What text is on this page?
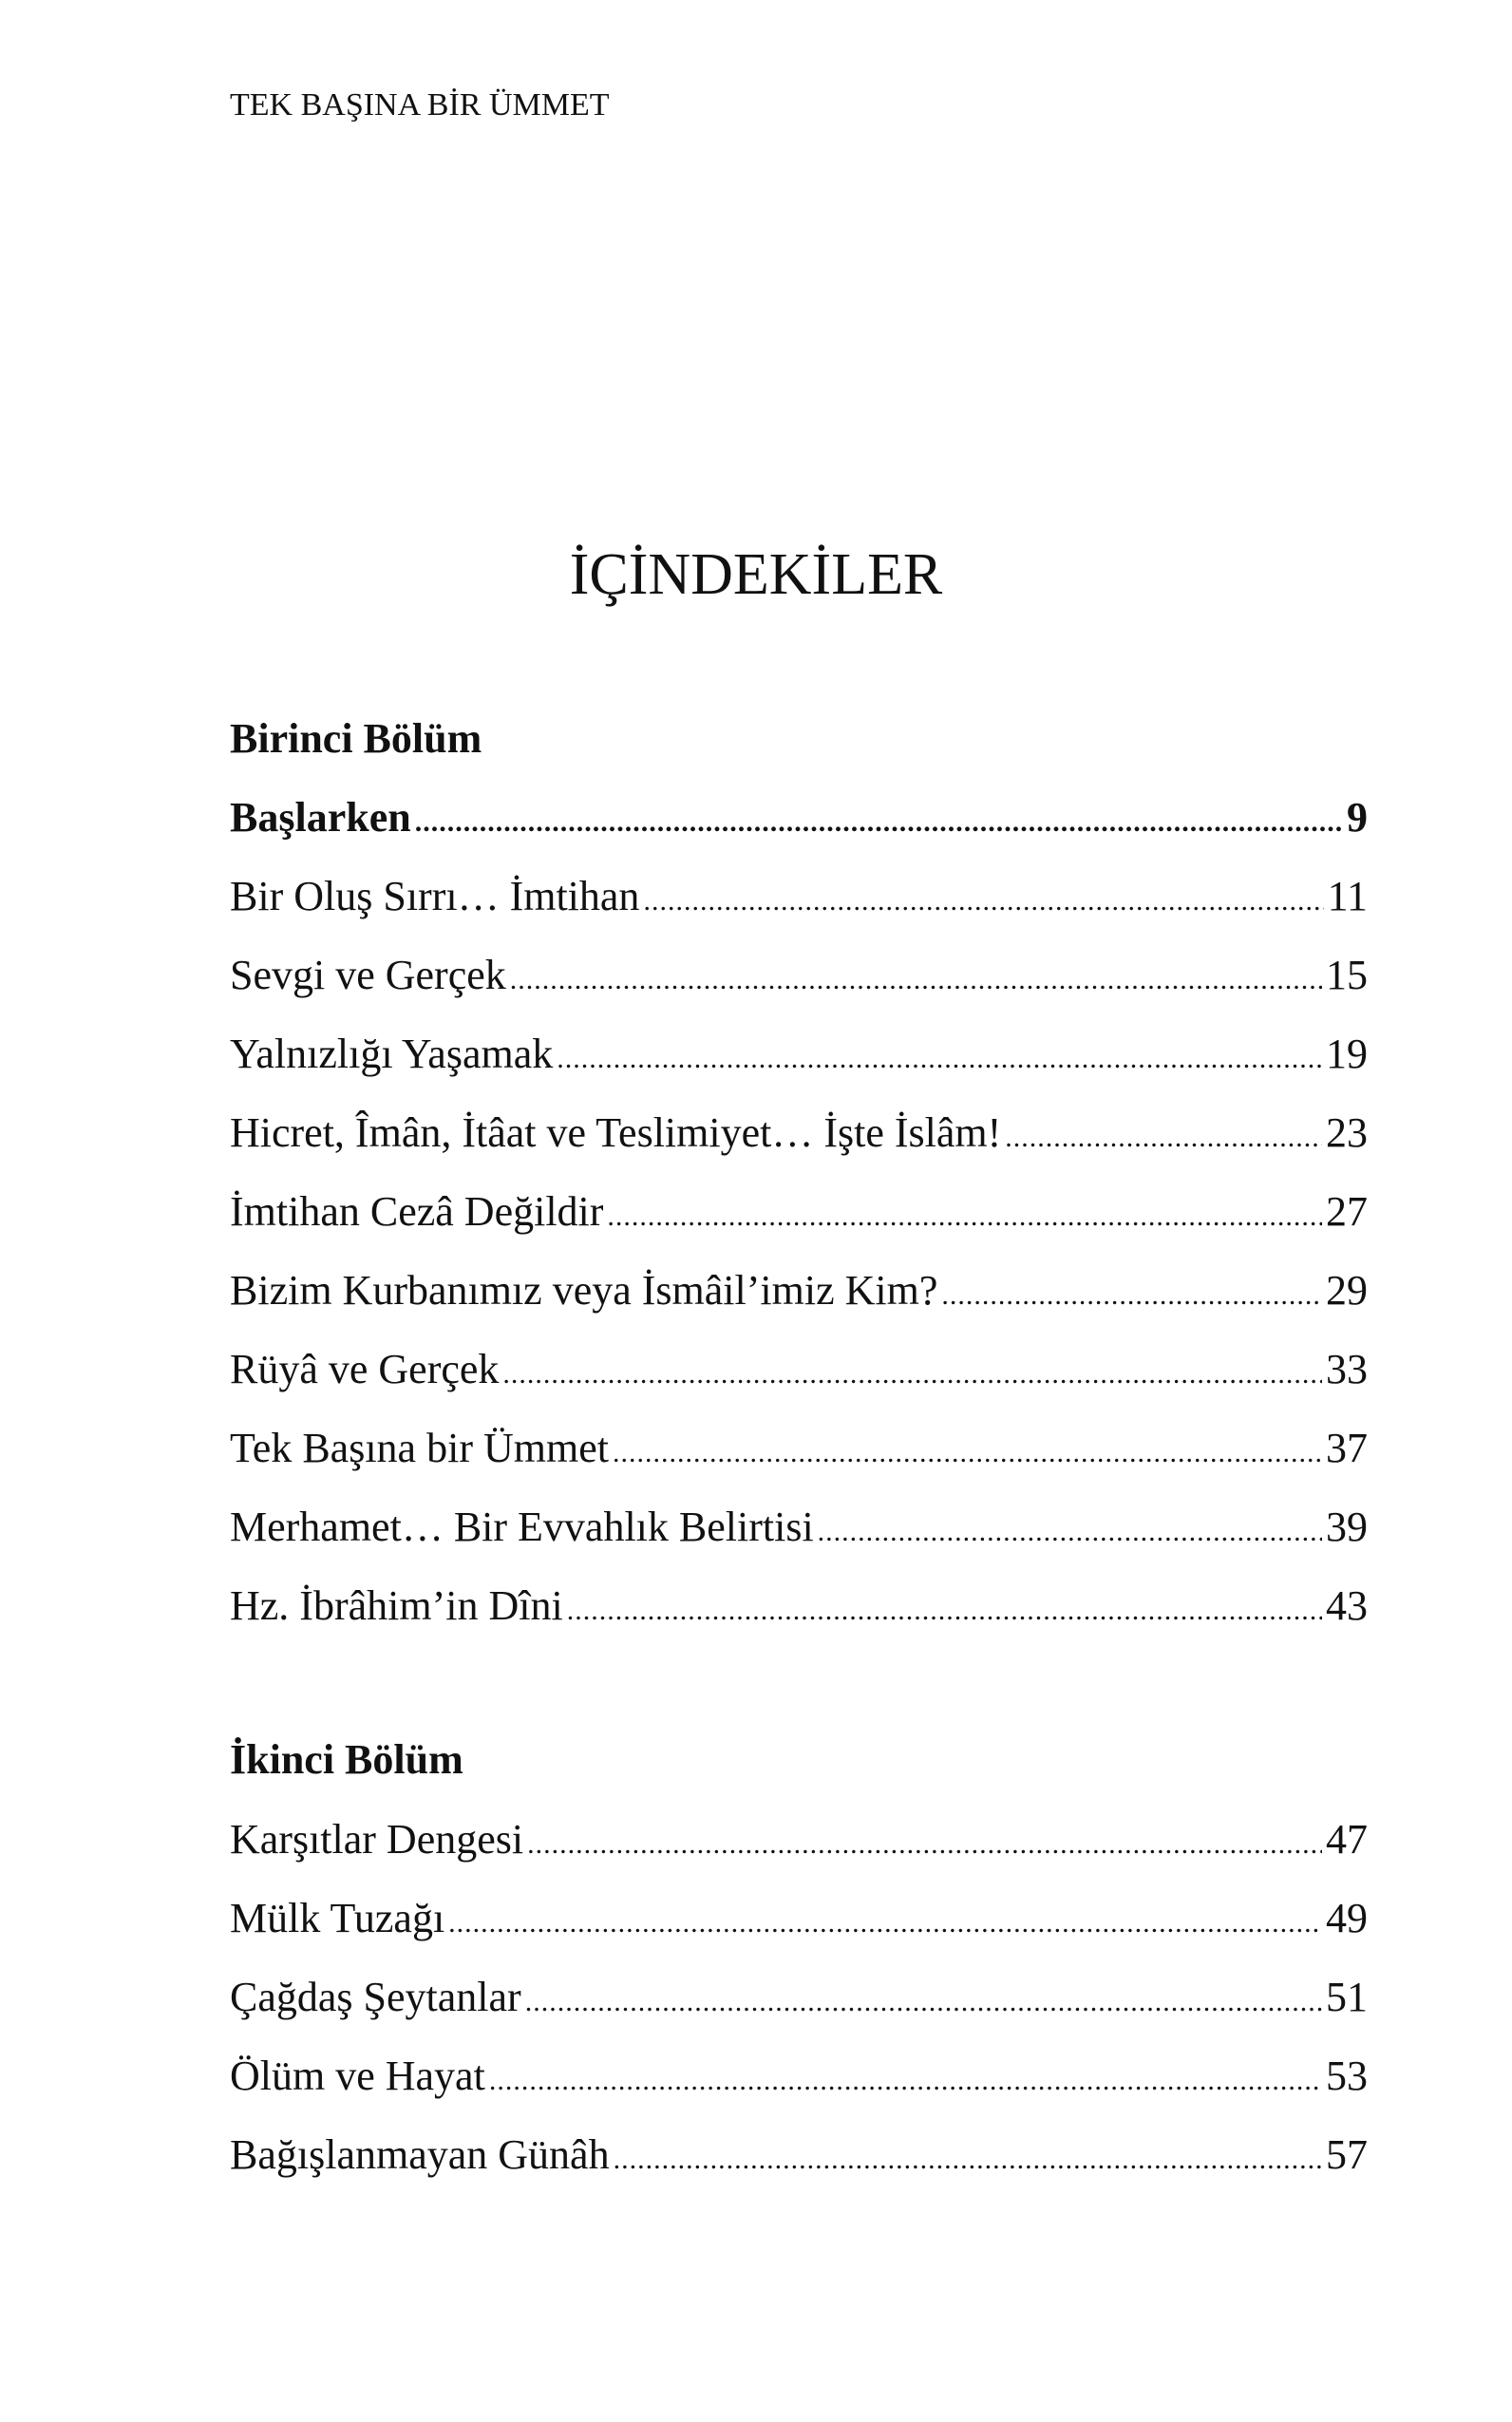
TEK BAŞINA BİR ÜMMET
İÇİNDEKİLER
Birinci Bölüm
Başlarken .....	9
Bir Oluş Sırrı… İmtihan .....	11
Sevgi ve Gerçek .....	15
Yalnızlığı Yaşamak .....	19
Hicret, Îmân, İtâat ve Teslimiyet… İşte İslâm! .....	23
İmtihan Cezâ Değildir .....	27
Bizim Kurbanımız veya İsmâil’imiz Kim? .....	29
Rüyâ ve Gerçek .....	33
Tek Başına bir Ümmet .....	37
Merhamet… Bir Evvahlık Belirtisi .....	39
Hz. İbrâhim’in Dîni .....	43
İkinci Bölüm
Karşıtlar Dengesi .....	47
Mülk Tuzağı .....	49
Çağdaş Şeytanlar .....	51
Ölüm ve Hayat .....	53
Bağışlanmayan Günâh .....	57
